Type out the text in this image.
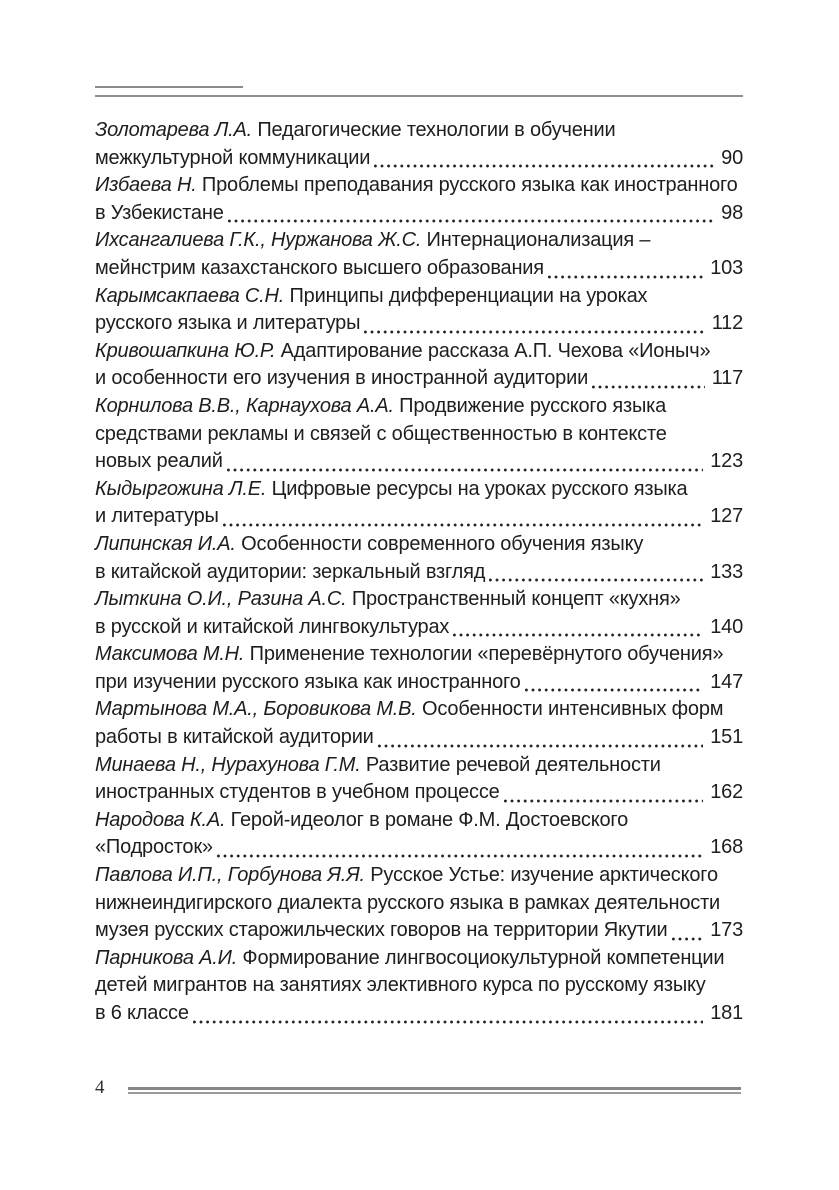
Золотарева Л.А. Педагогические технологии в обучении
межкультурной коммуникации	90
Избаева Н. Проблемы преподавания русского языка как иностранного
в Узбекистане	98
Ихсангалиева Г.К., Нуржанова Ж.С. Интернационализация –
мейнстрим казахстанского высшего образования	103
Карымсакпаева С.Н. Принципы дифференциации на уроках
русского языка и литературы	112
Кривошапкина Ю.Р. Адаптирование рассказа А.П. Чехова «Ионыч»
и особенности его изучения в иностранной аудитории	117
Корнилова В.В., Карнаухова А.А. Продвижение русского языка
средствами рекламы и связей с общественностью в контексте
новых реалий	123
Кыдыргожина Л.Е. Цифровые ресурсы на уроках русского языка
и литературы	127
Липинская И.А. Особенности современного обучения языку
в китайской аудитории: зеркальный взгляд	133
Лыткина О.И., Разина А.С. Пространственный концепт «кухня»
в русской и китайской лингвокультурах	140
Максимова М.Н. Применение технологии «перевёрнутого обучения»
при изучении русского языка как иностранного	147
Мартынова М.А., Боровикова М.В. Особенности интенсивных форм
работы в китайской аудитории	151
Минаева Н., Нурахунова Г.М. Развитие речевой деятельности
иностранных студентов в учебном процессе	162
Народова К.А. Герой-идеолог в романе Ф.М. Достоевского
«Подросток»	168
Павлова И.П., Горбунова Я.Я. Русское Устье: изучение арктического
нижнеиндигирского диалекта русского языка в рамках деятельности
музея русских старожильческих говоров на территории Якутии 173
Парникова А.И. Формирование лингвосоциокультурной компетенции
детей мигрантов на занятиях элективного курса по русскому языку
в 6 классе	181
4
